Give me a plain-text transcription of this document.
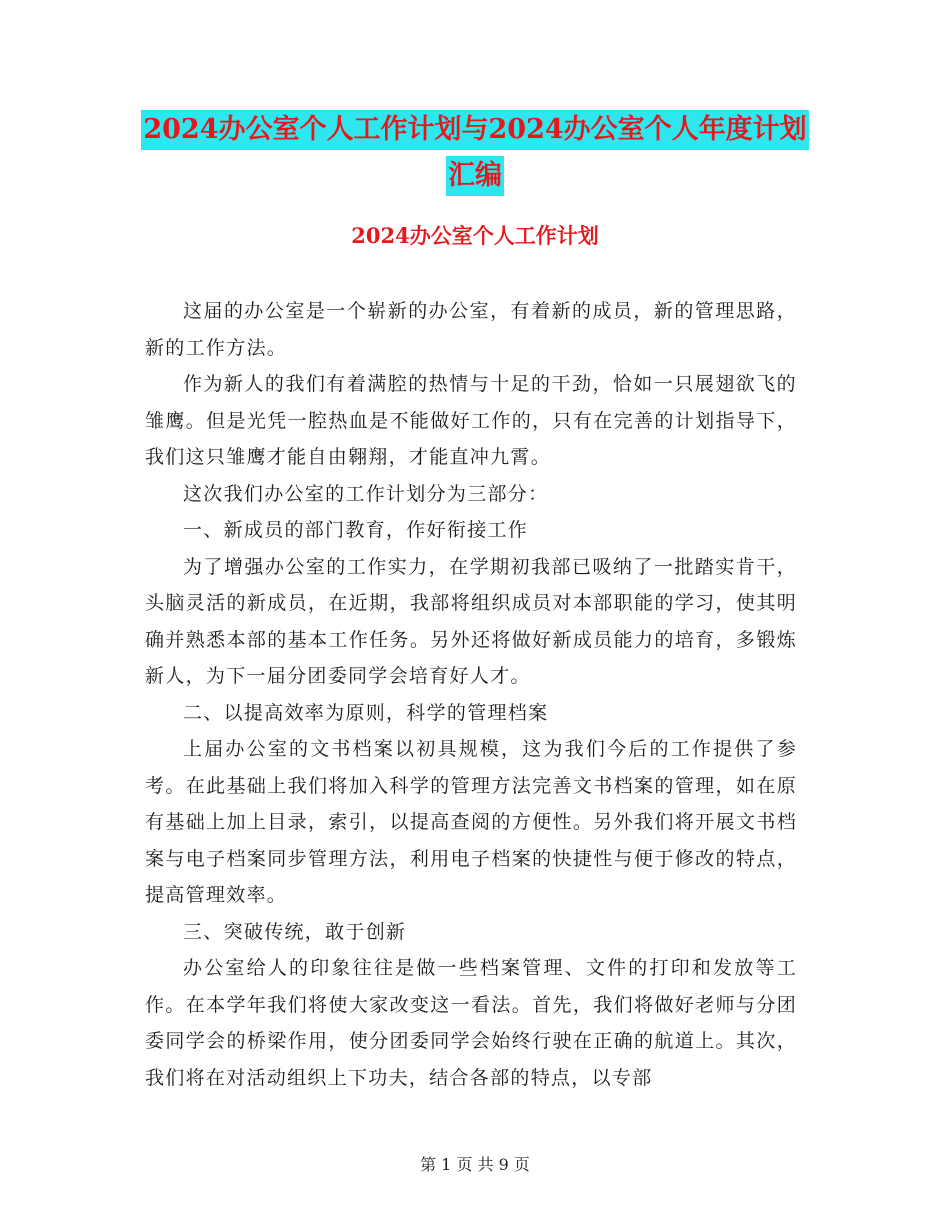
2024办公室个人工作计划与2024办公室个人年度计划
汇编
2024办公室个人工作计划

这届的办公室是一个崭新的办公室，有着新的成员，新的管理思路，新的工作方法。

作为新人的我们有着满腔的热情与十足的干劲，恰如一只展翅欲飞的雏鹰。但是光凭一腔热血是不能做好工作的，只有在完善的计划指导下，我们这只雏鹰才能自由翱翔，才能直冲九霄。

这次我们办公室的工作计划分为三部分：

一、新成员的部门教育，作好衔接工作

为了增强办公室的工作实力，在学期初我部已吸纳了一批踏实肯干，头脑灵活的新成员，在近期，我部将组织成员对本部职能的学习，使其明确并熟悉本部的基本工作任务。另外还将做好新成员能力的培育，多锻炼新人，为下一届分团委同学会培育好人才。

二、以提高效率为原则，科学的管理档案

上届办公室的文书档案以初具规模，这为我们今后的工作提供了参考。在此基础上我们将加入科学的管理方法完善文书档案的管理，如在原有基础上加上目录，索引，以提高查阅的方便性。另外我们将开展文书档案与电子档案同步管理方法，利用电子档案的快捷性与便于修改的特点，提高管理效率。

三、突破传统，敢于创新

办公室给人的印象往往是做一些档案管理、文件的打印和发放等工作。在本学年我们将使大家改变这一看法。首先，我们将做好老师与分团委同学会的桥梁作用，使分团委同学会始终行驶在正确的航道上。其次，我们将在对活动组织上下功夫，结合各部的特点，以专部

第 1 页 共 9 页
